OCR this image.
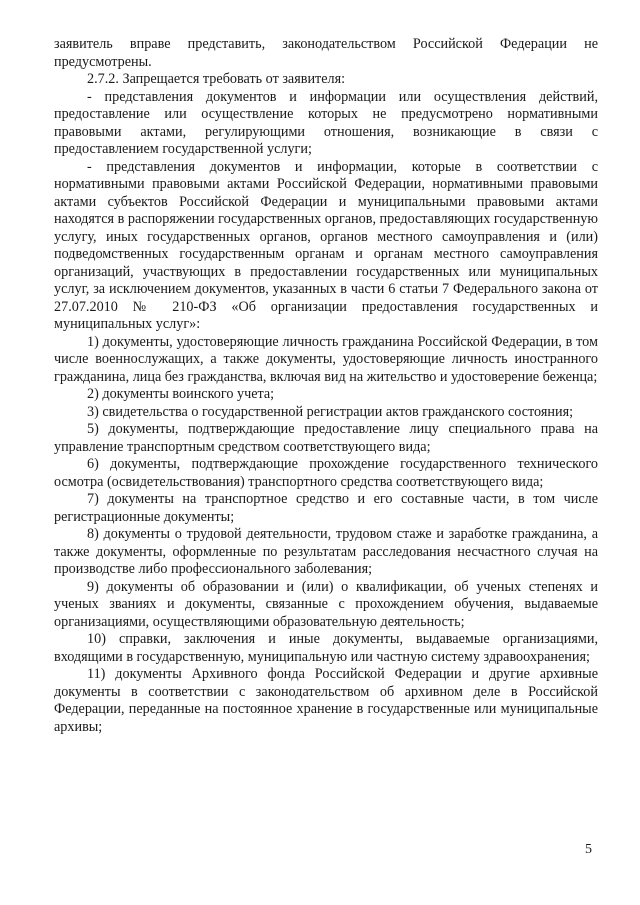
заявитель вправе представить, законодательством Российской Федерации не предусмотрены.

2.7.2. Запрещается требовать от заявителя:

- представления документов и информации или осуществления действий, предоставление или осуществление которых не предусмотрено нормативными правовыми актами, регулирующими отношения, возникающие в связи с предоставлением государственной услуги;

- представления документов и информации, которые в соответствии с нормативными правовыми актами Российской Федерации, нормативными правовыми актами субъектов Российской Федерации и муниципальными правовыми актами находятся в распоряжении государственных органов, предоставляющих государственную услугу, иных государственных органов, органов местного самоуправления и (или) подведомственных государственным органам и органам местного самоуправления организаций, участвующих в предоставлении государственных или муниципальных услуг, за исключением документов, указанных в части 6 статьи 7 Федерального закона от 27.07.2010 № 210-ФЗ «Об организации предоставления государственных и муниципальных услуг»:

1) документы, удостоверяющие личность гражданина Российской Федерации, в том числе военнослужащих, а также документы, удостоверяющие личность иностранного гражданина, лица без гражданства, включая вид на жительство и удостоверение беженца;

2) документы воинского учета;

3) свидетельства о государственной регистрации актов гражданского состояния;

5) документы, подтверждающие предоставление лицу специального права на управление транспортным средством соответствующего вида;

6) документы, подтверждающие прохождение государственного технического осмотра (освидетельствования) транспортного средства соответствующего вида;

7) документы на транспортное средство и его составные части, в том числе регистрационные документы;

8) документы о трудовой деятельности, трудовом стаже и заработке гражданина, а также документы, оформленные по результатам расследования несчастного случая на производстве либо профессионального заболевания;

9) документы об образовании и (или) о квалификации, об ученых степенях и ученых званиях и документы, связанные с прохождением обучения, выдаваемые организациями, осуществляющими образовательную деятельность;

10) справки, заключения и иные документы, выдаваемые организациями, входящими в государственную, муниципальную или частную систему здравоохранения;

11) документы Архивного фонда Российской Федерации и другие архивные документы в соответствии с законодательством об архивном деле в Российской Федерации, переданные на постоянное хранение в государственные или муниципальные архивы;

5
